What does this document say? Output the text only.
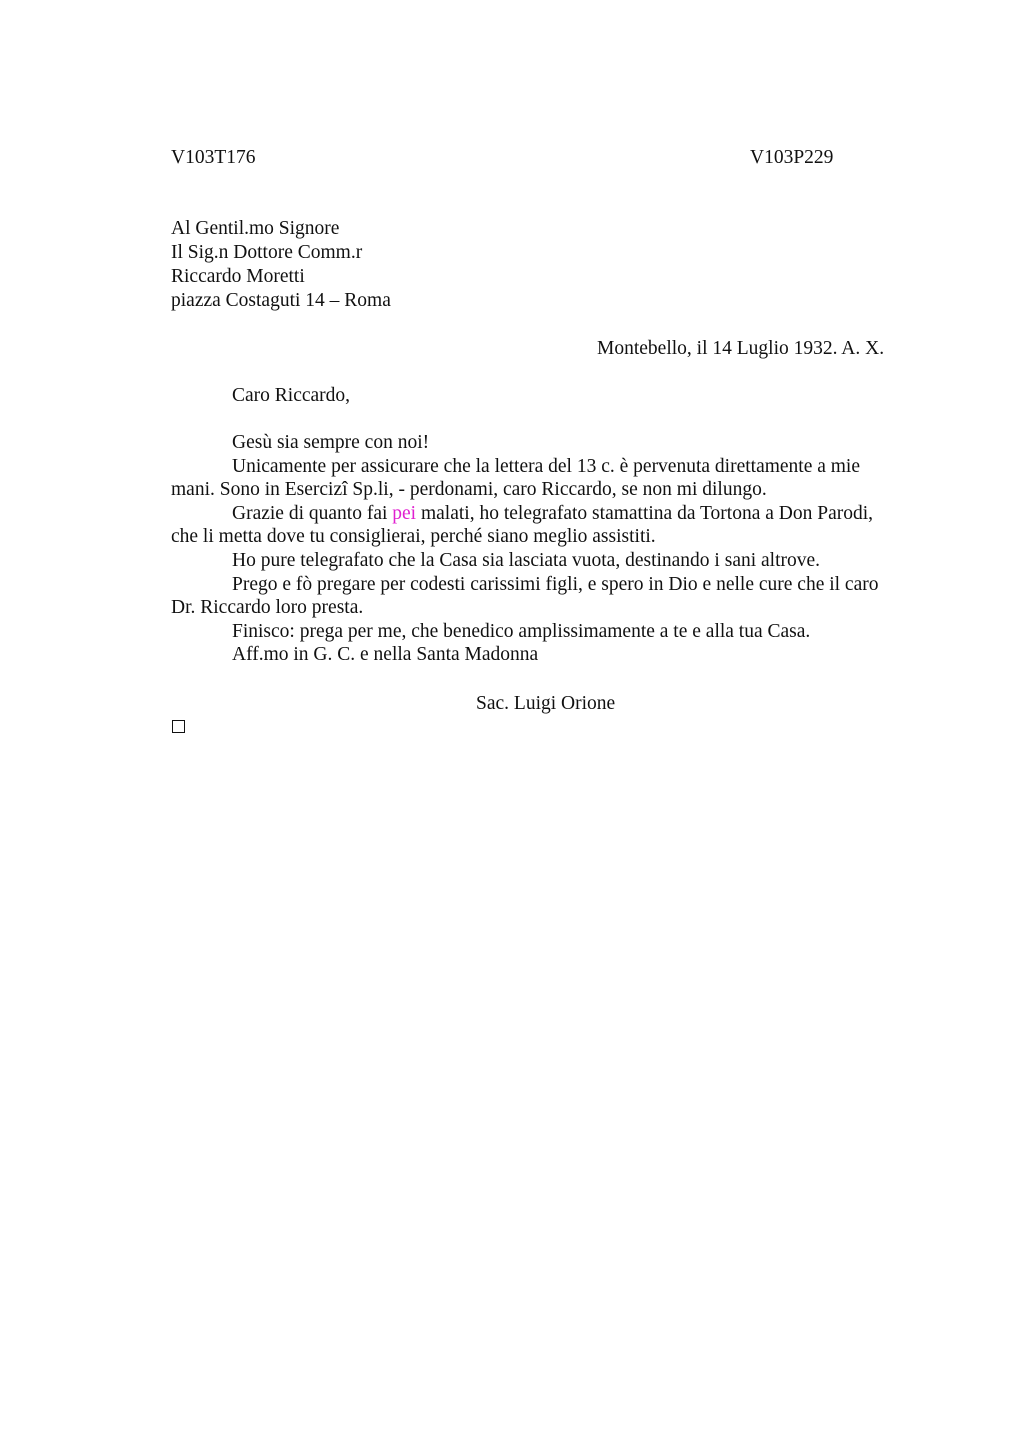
V103T176	V103P229
Al Gentil.mo Signore
Il Sig.n Dottore Comm.r
Riccardo Moretti
piazza Costaguti 14 – Roma
Montebello, il 14 Luglio 1932. A. X.
Caro Riccardo,

Gesù sia sempre con noi!

Unicamente per assicurare che la lettera del 13 c. è pervenuta direttamente a mie

mani. Sono in Esercizî Sp.li, - perdonami, caro Riccardo, se non mi dilungo.

Grazie di quanto fai pei malati, ho telegrafato stamattina da Tortona a Don Parodi,

che li metta dove tu consiglierai, perché siano meglio assistiti.

Ho pure telegrafato che la Casa sia lasciata vuota, destinando i sani altrove.

Prego e fò pregare per codesti carissimi figli, e spero in Dio e nelle cure che il caro

Dr. Riccardo loro presta.

Finisco: prega per me, che benedico amplissimamente a te e alla tua Casa.

Aff.mo in G. C. e nella Santa Madonna

Sac. Luigi Orione
